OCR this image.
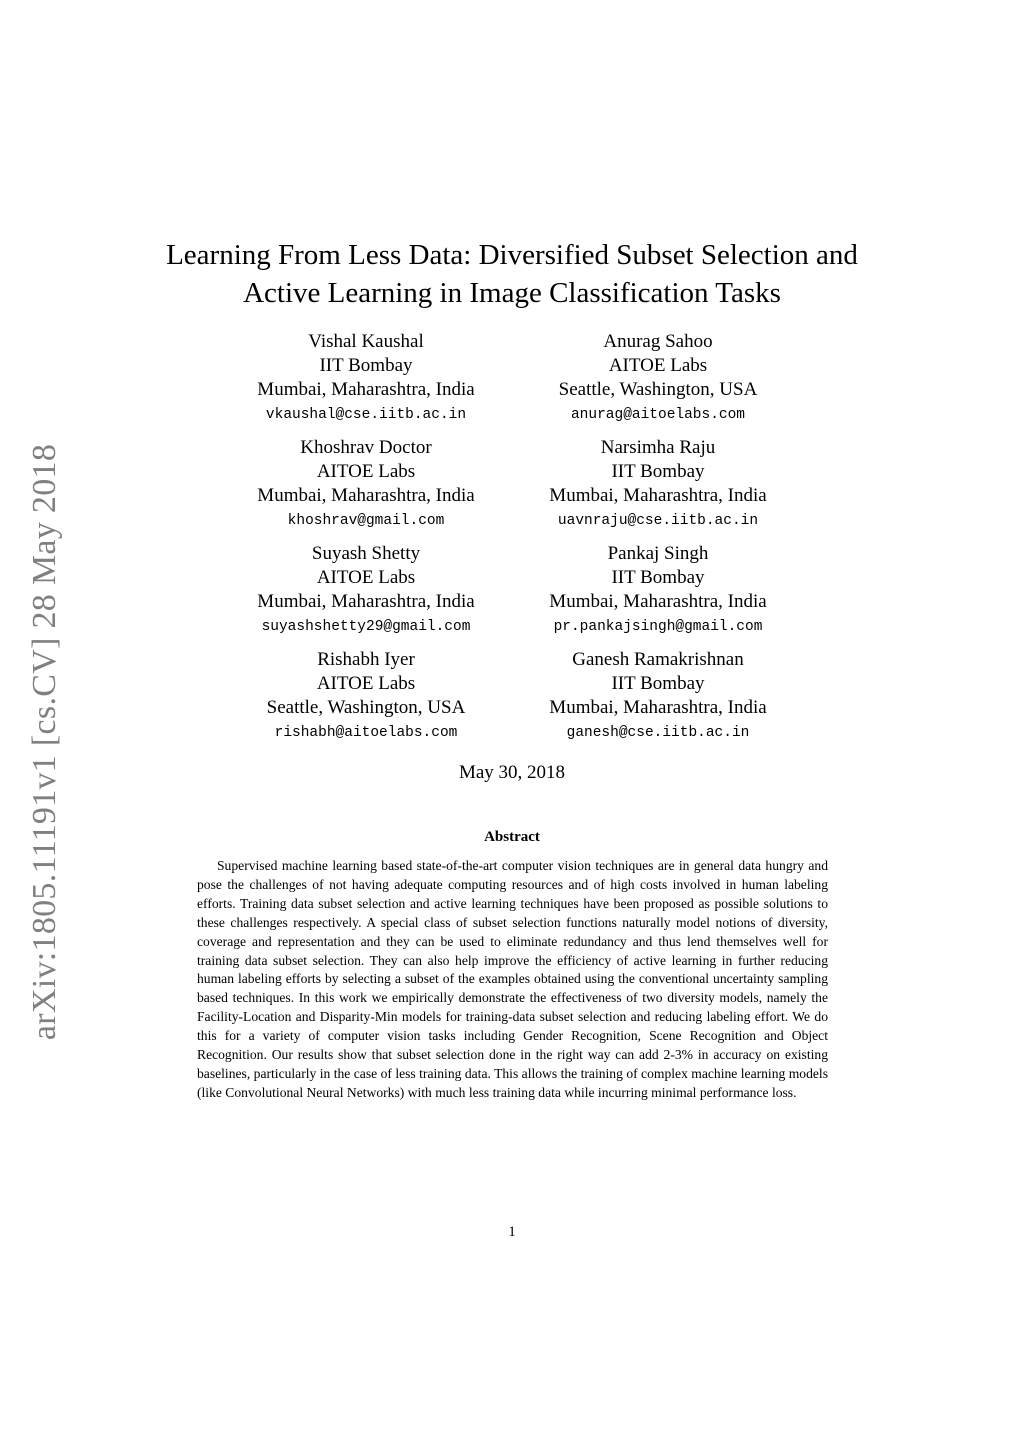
arXiv:1805.11191v1 [cs.CV] 28 May 2018
Learning From Less Data: Diversified Subset Selection and
Active Learning in Image Classification Tasks
Vishal Kaushal
IIT Bombay
Mumbai, Maharashtra, India
vkaushal@cse.iitb.ac.in
Khoshrav Doctor
AITOE Labs
Mumbai, Maharashtra, India
khoshrav@gmail.com
Suyash Shetty
AITOE Labs
Mumbai, Maharashtra, India
suyashshetty29@gmail.com
Rishabh Iyer
AITOE Labs
Seattle, Washington, USA
rishabh@aitoelabs.com
Anurag Sahoo
AITOE Labs
Seattle, Washington, USA
anurag@aitoelabs.com
Narsimha Raju
IIT Bombay
Mumbai, Maharashtra, India
uavnraju@cse.iitb.ac.in
Pankaj Singh
IIT Bombay
Mumbai, Maharashtra, India
pr.pankajsingh@gmail.com
Ganesh Ramakrishnan
IIT Bombay
Mumbai, Maharashtra, India
ganesh@cse.iitb.ac.in
May 30, 2018
Abstract
Supervised machine learning based state-of-the-art computer vision techniques are in general data hungry and pose the challenges of not having adequate computing resources and of high costs involved in human labeling efforts. Training data subset selection and active learning techniques have been proposed as possible solutions to these challenges respectively. A special class of subset selection functions naturally model notions of diversity, coverage and representation and they can be used to eliminate redundancy and thus lend themselves well for training data subset selection. They can also help improve the efficiency of active learning in further reducing human labeling efforts by selecting a subset of the examples obtained using the conventional uncertainty sampling based techniques. In this work we empirically demonstrate the effectiveness of two diversity models, namely the Facility-Location and Disparity-Min models for training-data subset selection and reducing labeling effort. We do this for a variety of computer vision tasks including Gender Recognition, Scene Recognition and Object Recognition. Our results show that subset selection done in the right way can add 2-3% in accuracy on existing baselines, particularly in the case of less training data. This allows the training of complex machine learning models (like Convolutional Neural Networks) with much less training data while incurring minimal performance loss.
1
